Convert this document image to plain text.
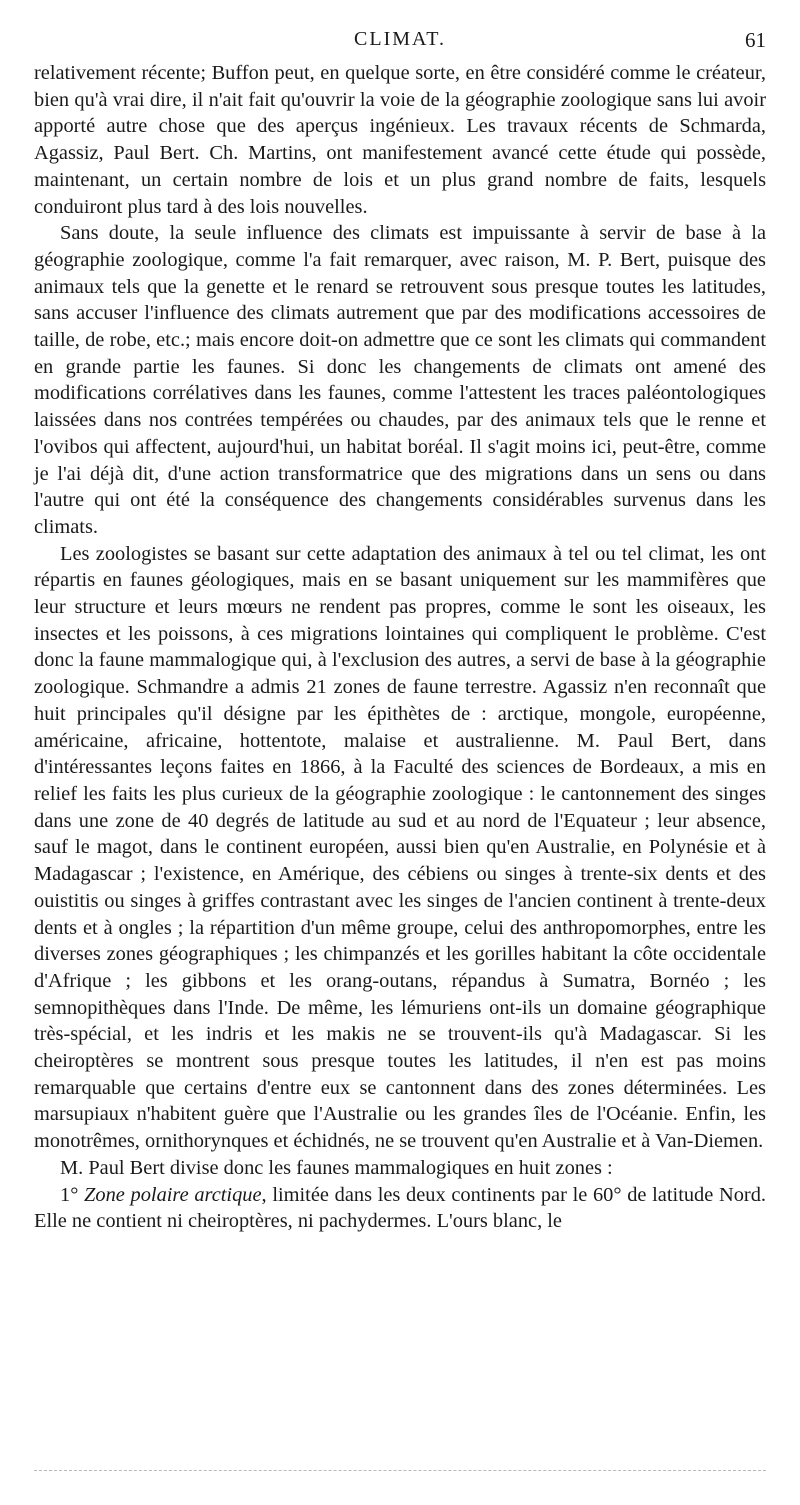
CLIMAT.	61

relativement récente; Buffon peut, en quelque sorte, en être considéré comme le créateur, bien qu'à vrai dire, il n'ait fait qu'ouvrir la voie de la géographie zoologique sans lui avoir apporté autre chose que des aperçus ingénieux. Les travaux récents de Schmarda, Agassiz, Paul Bert. Ch. Martins, ont manifestement avancé cette étude qui possède, maintenant, un certain nombre de lois et un plus grand nombre de faits, lesquels conduiront plus tard à des lois nouvelles.

Sans doute, la seule influence des climats est impuissante à servir de base à la géographie zoologique, comme l'a fait remarquer, avec raison, M. P. Bert, puisque des animaux tels que la genette et le renard se retrouvent sous presque toutes les latitudes, sans accuser l'influence des climats autrement que par des modifications accessoires de taille, de robe, etc.; mais encore doit-on admettre que ce sont les climats qui commandent en grande partie les faunes. Si donc les changements de climats ont amené des modifications corrélatives dans les faunes, comme l'attestent les traces paléontologiques laissées dans nos contrées tempérées ou chaudes, par des animaux tels que le renne et l'ovibos qui affectent, aujourd'hui, un habitat boréal. Il s'agit moins ici, peut-être, comme je l'ai déjà dit, d'une action transformatrice que des migrations dans un sens ou dans l'autre qui ont été la conséquence des changements considérables survenus dans les climats.

Les zoologistes se basant sur cette adaptation des animaux à tel ou tel climat, les ont répartis en faunes géologiques, mais en se basant uniquement sur les mammifères que leur structure et leurs mœurs ne rendent pas propres, comme le sont les oiseaux, les insectes et les poissons, à ces migrations lointaines qui compliquent le problème. C'est donc la faune mammalogique qui, à l'exclusion des autres, a servi de base à la géographie zoologique. Schmandre a admis 21 zones de faune terrestre. Agassiz n'en reconnaît que huit principales qu'il désigne par les épithètes de : arctique, mongole, européenne, américaine, africaine, hottentote, malaise et australienne. M. Paul Bert, dans d'intéressantes leçons faites en 1866, à la Faculté des sciences de Bordeaux, a mis en relief les faits les plus curieux de la géographie zoologique : le cantonnement des singes dans une zone de 40 degrés de latitude au sud et au nord de l'Equateur ; leur absence, sauf le magot, dans le continent européen, aussi bien qu'en Australie, en Polynésie et à Madagascar ; l'existence, en Amérique, des cébiens ou singes à trente-six dents et des ouistitis ou singes à griffes contrastant avec les singes de l'ancien continent à trente-deux dents et à ongles ; la répartition d'un même groupe, celui des anthropomorphes, entre les diverses zones géographiques ; les chimpanzés et les gorilles habitant la côte occidentale d'Afrique ; les gibbons et les orang-outans, répandus à Sumatra, Bornéo ; les semnopithèques dans l'Inde. De même, les lémuriens ont-ils un domaine géographique très-spécial, et les indris et les makis ne se trouvent-ils qu'à Madagascar. Si les cheiroptères se montrent sous presque toutes les latitudes, il n'en est pas moins remarquable que certains d'entre eux se cantonnent dans des zones déterminées. Les marsupiaux n'habitent guère que l'Australie ou les grandes îles de l'Océanie. Enfin, les monotrêmes, ornithorynques et échidnés, ne se trouvent qu'en Australie et à Van-Diemen.

M. Paul Bert divise donc les faunes mammalogiques en huit zones :

1° Zone polaire arctique, limitée dans les deux continents par le 60° de latitude Nord. Elle ne contient ni cheiroptères, ni pachydermes. L'ours blanc, le
